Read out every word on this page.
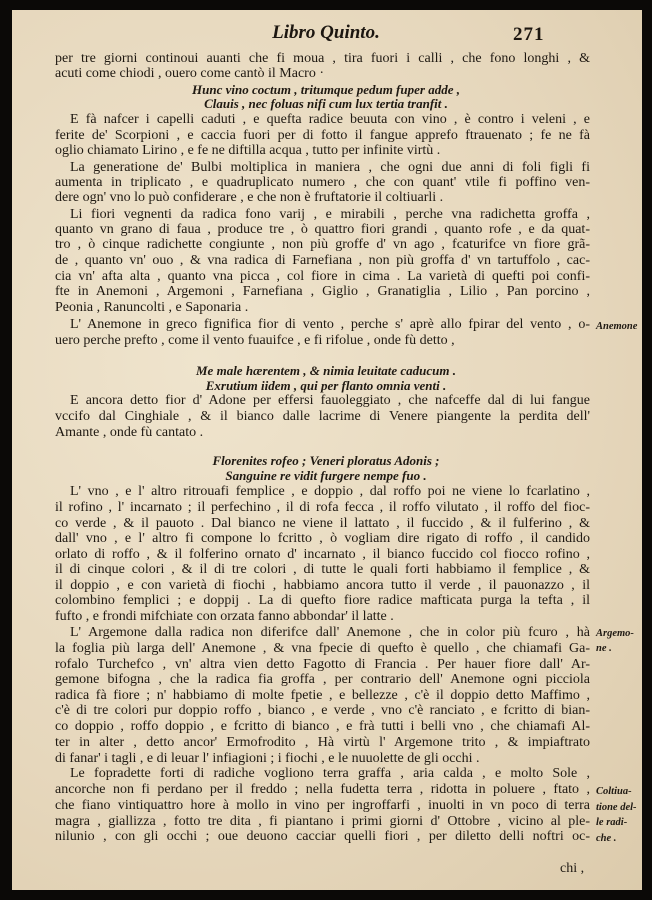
Libro Quinto.	271
per tre giorni continoui auanti che fi moua , tira fuori i calli , che fono longhi , &
acuti come chiodi , ouero come cantò il Macro ·
Hunc vino coctum , tritumque pedum fuper adde ,
Clauis , nec foluas nifi cum lux tertia tranfit .
E fà nafcer i capelli caduti , e quefta radice beuuta con vino , è contro i veleni , e
ferite de' Scorpioni , e caccia fuori per di fotto il fangue apprefo ftrauenato ; fe ne fà
oglio chiamato Lirino , e fe ne diftilla acqua , tutto per infinite virtù .
La generatione de' Bulbi moltiplica in maniera , che ogni due anni di foli figli fi
aumenta in triplicato , e quadruplicato numero , che con quant' vtile fi poffino ven-
dere ogn' vno lo può confiderare , e che non è fruftatorie il coltiuarli .
Li fiori vegnenti da radica fono varij , e mirabili , perche vna radichetta groffa ,
quanto vn grano di faua , produce tre , ò quattro fiori grandi , quanto rofe , e da quat-
tro , ò cinque radichette congiunte , non più groffe d' vn ago , fcaturifce vn fiore grã-
de , quanto vn' ouo , & vna radica di Farnefiana , non più groffa d' vn tartuffolo , cac-
cia vn' afta alta , quanto vna picca , col fiore in cima . La varietà di quefti poi confi-
fte in Anemoni , Argemoni , Farnefiana , Giglio , Granatiglia , Lilio , Pan porcino ,
Peonia , Ranuncolti , e Saponaria .
L' Anemone in greco fignifica fior di vento , perche s' aprè allo fpirar del vento , o-
uero perche prefto , come il vento fuauifce , e fi rifolue , onde fù detto ,
Me male hærentem , & nimia leuitate caducum .
Exrutium iidem , qui per flanto omnia venti .
E ancora detto fior d' Adone per effersi fauoleggiato , che nafceffe dal di lui fangue
vccifo dal Cinghiale , & il bianco dalle lacrime di Venere piangente la perdita dell'
Amante , onde fù cantato .
Florenites rofeo ; Veneri ploratus Adonis ;
Sanguine re vidit furgere nempe fuo .
L' vno , e l' altro ritrouafi femplice , e doppio , dal roffo poi ne viene lo fcarlatino ,
il rofino , l' incarnato ; il perfechino , il di rofa fecca , il roffo vilutato , il roffo del fioc-
co verde , & il pauoto . Dal bianco ne viene il lattato , il fuccido , & il fulferino , &
dall' vno , e l' altro fi compone lo fcritto , ò vogliam dire rigato di roffo , il candido
orlato di roffo , & il folferino ornato d' incarnato , il bianco fuccido col fiocco rofino ,
il di cinque colori , & il di tre colori , di tutte le quali forti habbiamo il femplice , &
il doppio , e con varietà di fiochi , habbiamo ancora tutto il verde , il pauonazzo , il
colombino femplici ; e doppij . La di quefto fiore radice mafticata purga la tefta , il
fufto , e frondi mifchiate con orzata fanno abbondar' il latte .
L' Argemone dalla radica non diferifce dall' Anemone , che in color più fcuro , hà
la foglia più larga dell' Anemone , & vna fpecie di quefto è quello , che chiamafi Ga-
rofalo Turchefco , vn' altra vien detto Fagotto di Francia . Per hauer fiore dall' Ar-
gemone bifogna , che la radica fia groffa , per contrario dell' Anemone ogni picciola
radica fà fiore ; n' habbiamo di molte fpetie , e bellezze , c'è il doppio detto Maffimo ,
c'è di tre colori pur doppio roffo , bianco , e verde , vno c'è ranciato , e fcritto di bian-
co doppio , roffo doppio , e fcritto di bianco , e frà tutti i belli vno , che chiamafi Al-
ter in alter , detto ancor' Ermofrodito , Hà virtù l' Argemone trito , & impiaftrato
di fanar' i tagli , e di leuar l' infiagioni ; i fiochi , e le nuuolette de gli occhi .
Le fopradette forti di radiche vogliono terra graffa , aria calda , e molto Sole ,
ancorche non fi perdano per il freddo ; nella fudetta terra , ridotta in poluere , ftato ,
che fiano vintiquattro hore à mollo in vino per ingroffarfi , inuolti in vn poco di terra
magra , giallizza , fotto tre dita , fi piantano i primi giorni d' Ottobre , vicino al ple-
nilunio , con gli occhi ; oue deuono cacciar quelli fiori , per diletto delli noftri oc-
Anemone
Argemo-
ne .
Coltiua-
tione del-
le radi-
che .
chi ,
